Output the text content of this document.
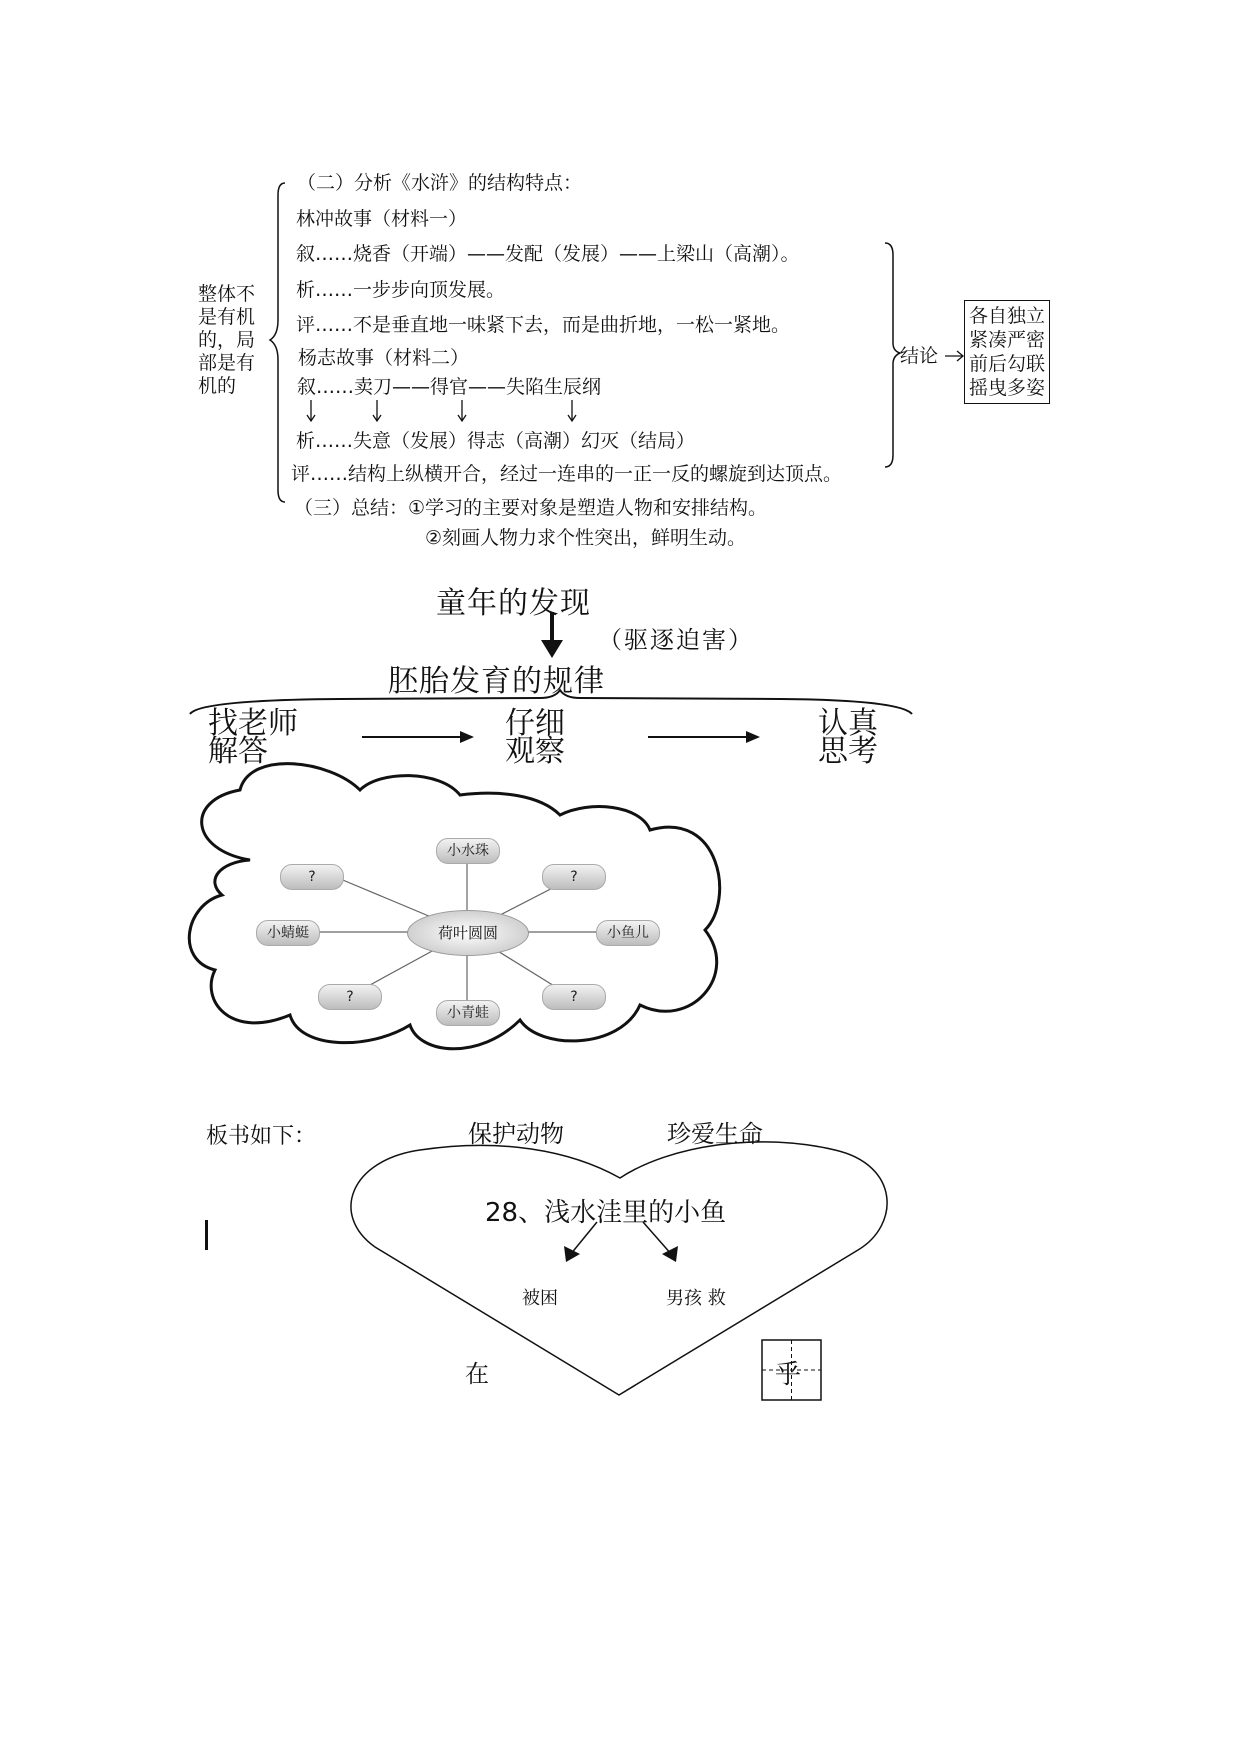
整体不是有机的，局部是有机的
（二）分析《水浒》的结构特点：
林冲故事（材料一）
叙……烧香（开端）——发配（发展）——上梁山（高潮）。
析……一步步向顶发展。
评……不是垂直地一味紧下去，而是曲折地，一松一紧地。
杨志故事（材料二）
叙……卖刀——得官——失陷生辰纲
析……失意（发展）得志（高潮）幻灭（结局）
评……结构上纵横开合，经过一连串的一正一反的螺旋到达顶点。
（三）总结：①学习的主要对象是塑造人物和安排结构。
②刻画人物力求个性突出，鲜明生动。
结论
各自独立
紧凑严密
前后勾联
摇曳多姿
童年的发现
（驱逐迫害）
胚胎发育的规律
找老师
解答
仔细
观察
认真
思考
荷叶圆圆
小水珠
小鱼儿
小青蛙
小蜻蜓
?	?
?	?
板书如下：	保护动物	珍爱生命
28、浅水洼里的小鱼
被困	男孩 救
在	乎
